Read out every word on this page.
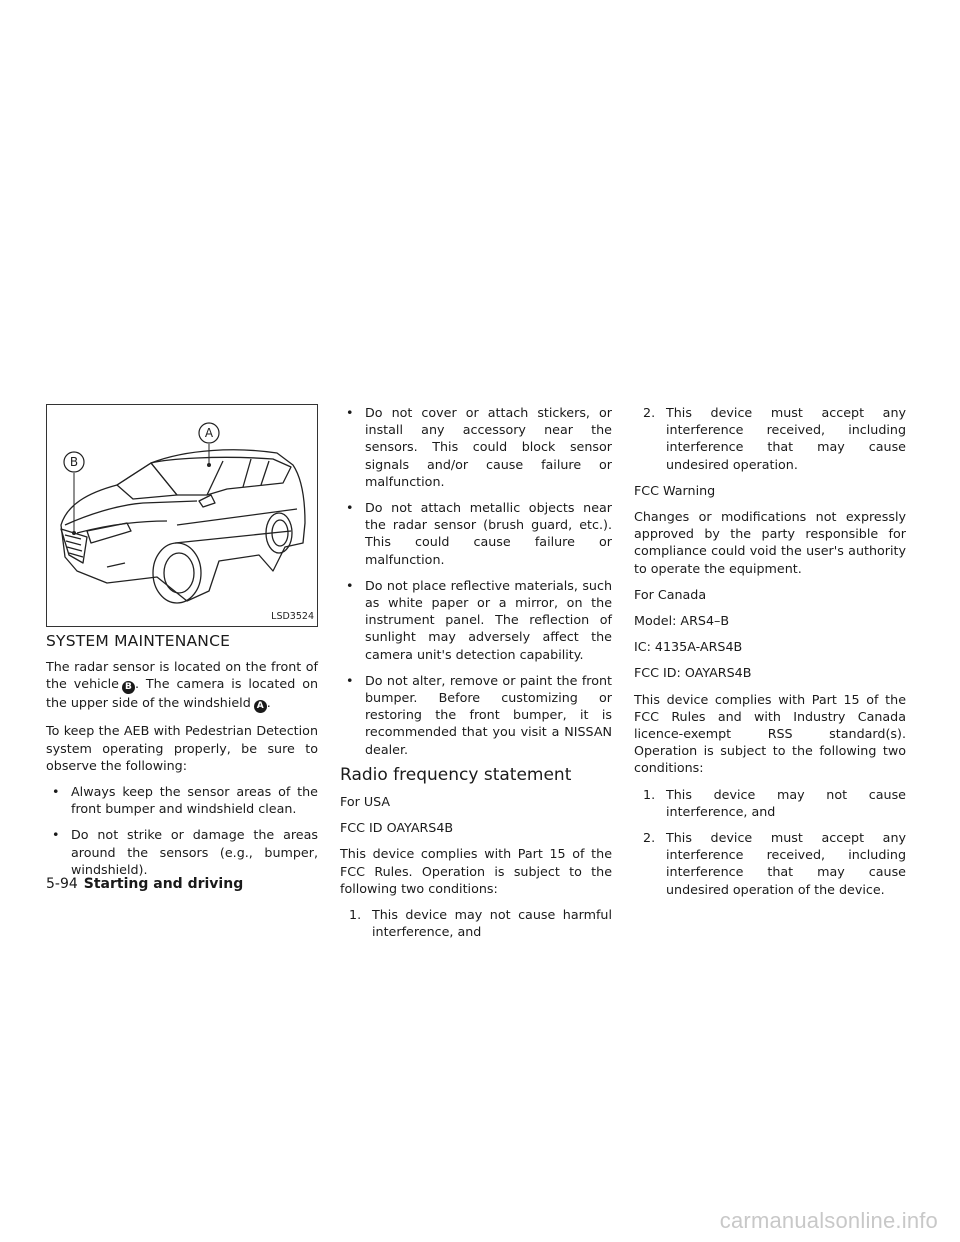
A
B
LSD3524
SYSTEM MAINTENANCE

The radar sensor is located on the front of the vehicle B . The camera is located on the upper side of the windshield A .

To keep the AEB with Pedestrian Detection system operating properly, be sure to observe the following:

• Always keep the sensor areas of the front bumper and windshield clean.
• Do not strike or damage the areas around the sensors (e.g., bumper, windshield).
• Do not cover or attach stickers, or install any accessory near the sensors. This could block sensor signals and/or cause failure or malfunction.
• Do not attach metallic objects near the radar sensor (brush guard, etc.). This could cause failure or malfunction.
• Do not place reflective materials, such as white paper or a mirror, on the instrument panel. The reflection of sunlight may adversely affect the camera unit's detection capability.
• Do not alter, remove or paint the front bumper. Before customizing or restoring the front bumper, it is recommended that you visit a NISSAN dealer.
Radio frequency statement

For USA

FCC ID OAYARS4B

This device complies with Part 15 of the FCC Rules. Operation is subject to the following two conditions:

1. This device may not cause harmful interference, and
2. This device must accept any interference received, including interference that may cause undesired operation.

FCC Warning

Changes or modifications not expressly approved by the party responsible for compliance could void the user's authority to operate the equipment.

For Canada

Model: ARS4–B

IC: 4135A-ARS4B

FCC ID: OAYARS4B

This device complies with Part 15 of the FCC Rules and with Industry Canada licence-exempt RSS standard(s). Operation is subject to the following two conditions:

1. This device may not cause interference, and
2. This device must accept any interference received, including interference that may cause undesired operation of the device.
5-94 Starting and driving
carmanualsonline.info
